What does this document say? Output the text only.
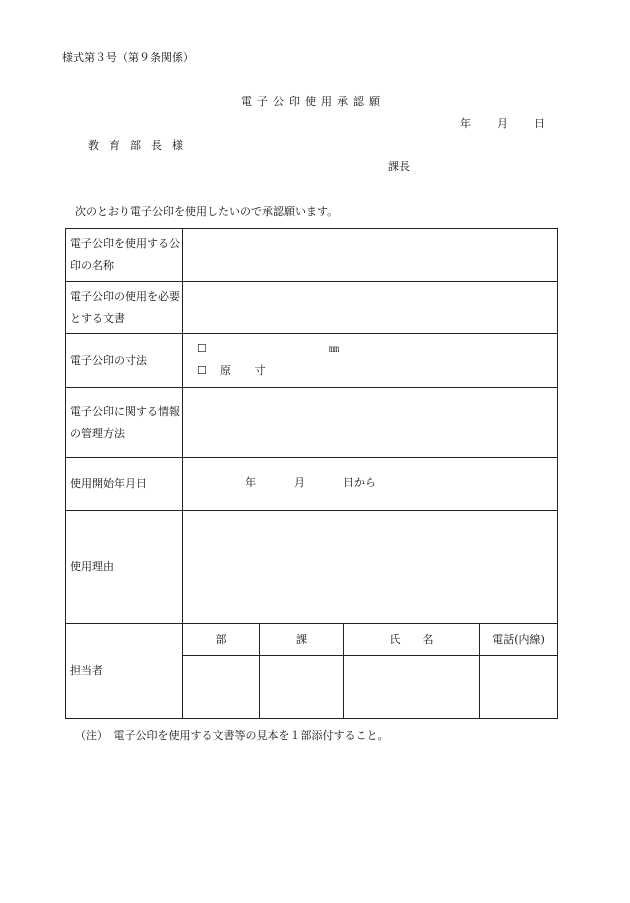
様式第３号（第９条関係）
電子公印使用承認願
年 月 日
教育部長様
課長
次のとおり電子公印を使用したいので承認願います。
電子公印を使用する公印の名称				
電子公印の使用を必要とする文書				
電子公印の寸法	☐ ㎜
☐ 原 寸			

電子公印に関する情報の管理方法				
使用開始年月日	年 月 日から			

使用理由				
担当者	部	課	氏　　名	電話(内線)

（注）　電子公印を使用する文書等の見本を１部添付すること。
